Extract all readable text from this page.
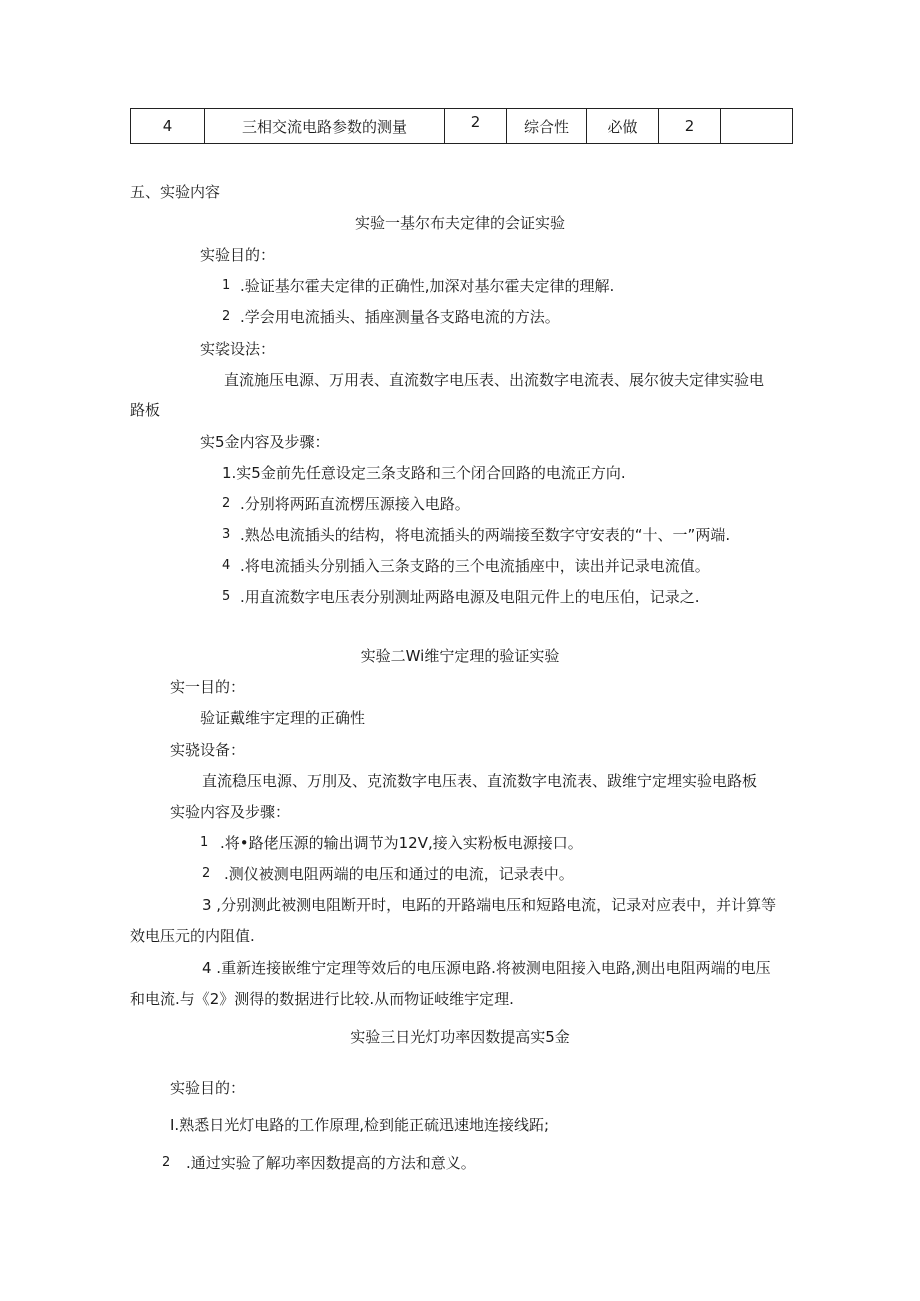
4	三相交流电路参数的测量	2	综合性	必做	2	
五、实验内容
实验一基尔布夫定律的会证实验
实验目的：
1 .验证基尔霍夫定律的正确性,加深对基尔霍夫定律的理解.
2 .学会用电流插头、插座测量各支路电流的方法。
实裟设法：
直流施压电源、万用表、直流数字电压表、出流数字电流表、展尔彼夫定律实验电
路板
实5金内容及步骤：
1.实5金前先任意设定三条支路和三个闭合回路的电流正方向.
2 .分别将两跖直流楞压源接入电路。
3 .熟怂电流插头的结构，将电流插头的两端接至数字守安表的“十、一”两端.
4 .将电流插头分别插入三条支路的三个电流插座中，读出并记录电流值。
5 .用直流数字电压表分别测址两路电源及电阻元件上的电压伯，记录之.
实验二Wi维宁定理的验证实验
实一目的：
验证戴维宇定理的正确性
实骁设备：
直流稳压电源、万刖及、克流数字电压表、直流数字电流表、跋维宁定埋实验电路板
实验内容及步骤：
1 .将•路佬压源的输出调节为12V,接入实粉板电源接口。
2 .测仪被测电阻两端的电压和通过的电流，记录表中。
3 ,分别测此被测电阻断开时，电跖的开路端电压和短路电流，记录对应表中，并计算等
效电压元的内阻值.
4 .重新连接嵌维宁定理等效后的电压源电路.将被测电阻接入电路,测出电阻两端的电压
和电流.与《2》测得的数据进行比较.从而物证岐维宇定理.
实验三日光灯功率因数提高实5金
实验目的：
I.熟悉日光灯电路的工作原理,检到能正硫迅速地连接线跖;
2 .通过实验了解功率因数提高的方法和意义。
